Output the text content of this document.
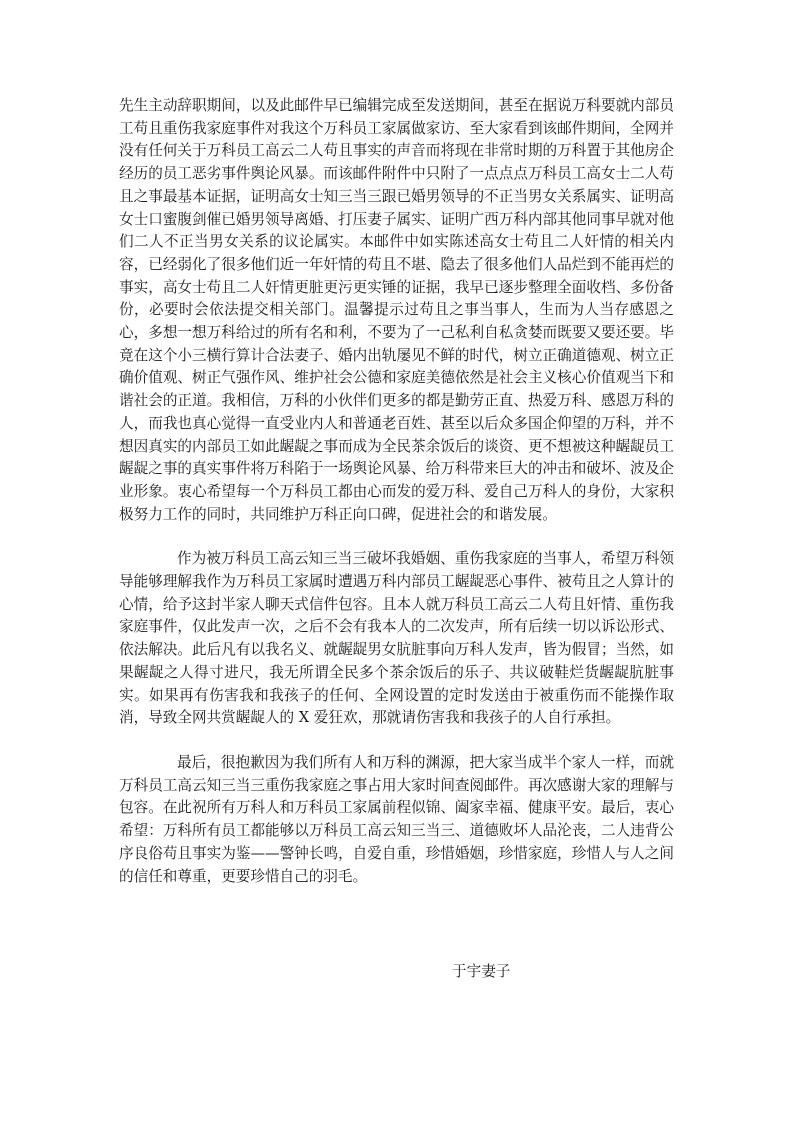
先生主动辞职期间，以及此邮件早已编辑完成至发送期间，甚至在据说万科要就内部员工苟且重伤我家庭事件对我这个万科员工家属做家访、至大家看到该邮件期间，全网并没有任何关于万科员工高云二人苟且事实的声音而将现在非常时期的万科置于其他房企经历的员工恶劣事件舆论风暴。而该邮件附件中只附了一点点点万科员工高女士二人苟且之事最基本证据，证明高女士知三当三跟已婚男领导的不正当男女关系属实、证明高女士口蜜腹剑催已婚男领导离婚、打压妻子属实、证明广西万科内部其他同事早就对他们二人不正当男女关系的议论属实。本邮件中如实陈述高女士苟且二人奸情的相关内容，已经弱化了很多他们近一年奸情的苟且不堪、隐去了很多他们人品烂到不能再烂的事实，高女士苟且二人奸情更脏更污更实锤的证据，我早已逐步整理全面收档、多份备份，必要时会依法提交相关部门。温馨提示过苟且之事当事人，生而为人当存感恩之心，多想一想万科给过的所有名和利，不要为了一己私利自私贪婪而既要又要还要。毕竟在这个小三横行算计合法妻子、婚内出轨屡见不鲜的时代，树立正确道德观、树立正确价值观、树正气强作风、维护社会公德和家庭美德依然是社会主义核心价值观当下和谐社会的正道。我相信，万科的小伙伴们更多的都是勤劳正直、热爱万科、感恩万科的人，而我也真心觉得一直受业内人和普通老百姓、甚至以后众多国企仰望的万科，并不想因真实的内部员工如此龌龊之事而成为全民茶余饭后的谈资、更不想被这种龌龊员工龌龊之事的真实事件将万科陷于一场舆论风暴、给万科带来巨大的冲击和破坏、波及企业形象。衷心希望每一个万科员工都由心而发的爱万科、爱自己万科人的身份，大家积极努力工作的同时，共同维护万科正向口碑，促进社会的和谐发展。

作为被万科员工高云知三当三破坏我婚姻、重伤我家庭的当事人，希望万科领导能够理解我作为万科员工家属时遭遇万科内部员工龌龊恶心事件、被苟且之人算计的心情，给予这封半家人聊天式信件包容。且本人就万科员工高云二人苟且奸情、重伤我家庭事件，仅此发声一次，之后不会有我本人的二次发声，所有后续一切以诉讼形式、依法解决。此后凡有以我名义、就龌龊男女肮脏事向万科人发声，皆为假冒；当然，如果龌龊之人得寸进尺，我无所谓全民多个茶余饭后的乐子、共议破鞋烂货龌龊肮脏事实。如果再有伤害我和我孩子的任何、全网设置的定时发送由于被重伤而不能操作取消，导致全网共赏龌龊人的 X 爱狂欢，那就请伤害我和我孩子的人自行承担。

最后，很抱歉因为我们所有人和万科的渊源，把大家当成半个家人一样，而就万科员工高云知三当三重伤我家庭之事占用大家时间查阅邮件。再次感谢大家的理解与包容。在此祝所有万科人和万科员工家属前程似锦、阖家幸福、健康平安。最后，衷心希望：万科所有员工都能够以万科员工高云知三当三、道德败坏人品沦丧，二人违背公序良俗苟且事实为鉴——警钟长鸣，自爱自重，珍惜婚姻，珍惜家庭，珍惜人与人之间的信任和尊重，更要珍惜自己的羽毛。

于宇妻子
